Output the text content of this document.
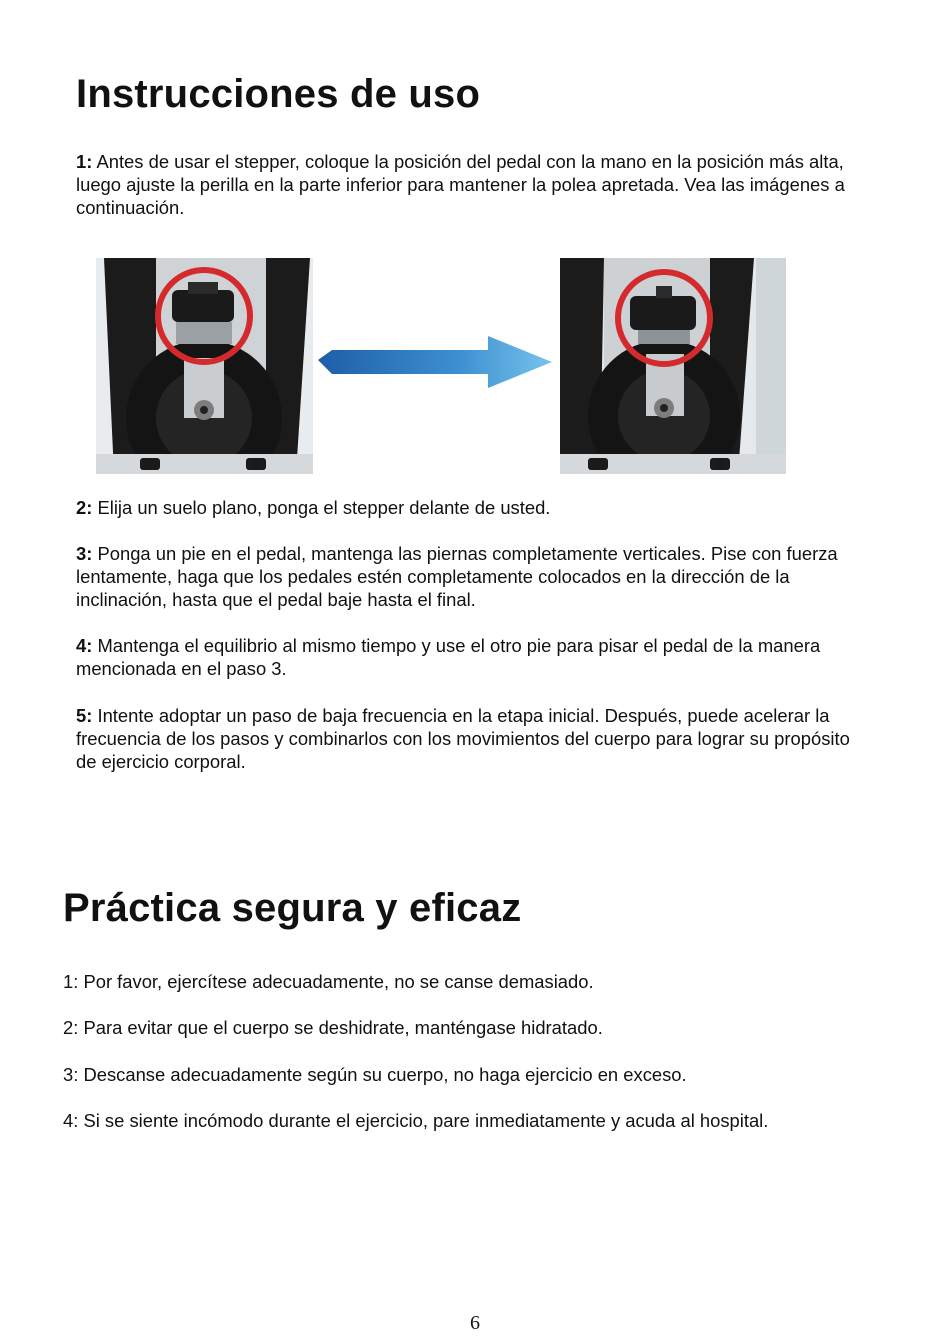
Instrucciones de uso

1: Antes de usar el stepper, coloque la posición del pedal con la mano en la posición más alta, luego ajuste la perilla en la parte inferior para mantener la polea apretada. Vea las imágenes a continuación.

2: Elija un suelo plano, ponga el stepper delante de usted.

3: Ponga un pie en el pedal, mantenga las piernas completamente verticales. Pise con fuerza lentamente, haga que los pedales estén completamente colocados en la dirección de la inclinación, hasta que el pedal baje hasta el final.

4: Mantenga el equilibrio al mismo tiempo y use el otro pie para pisar el pedal de la manera mencionada en el paso 3.

5: Intente adoptar un paso de baja frecuencia en la etapa inicial. Después, puede acelerar la frecuencia de los pasos y combinarlos con los movimientos del cuerpo para lograr su propósito de ejercicio corporal.

Práctica segura y eficaz

1: Por favor, ejercítese adecuadamente, no se canse demasiado.

2: Para evitar que el cuerpo se deshidrate, manténgase hidratado.

3: Descanse adecuadamente según su cuerpo, no haga ejercicio en exceso.

4: Si se siente incómodo durante el ejercicio, pare inmediatamente y acuda al hospital.

6
